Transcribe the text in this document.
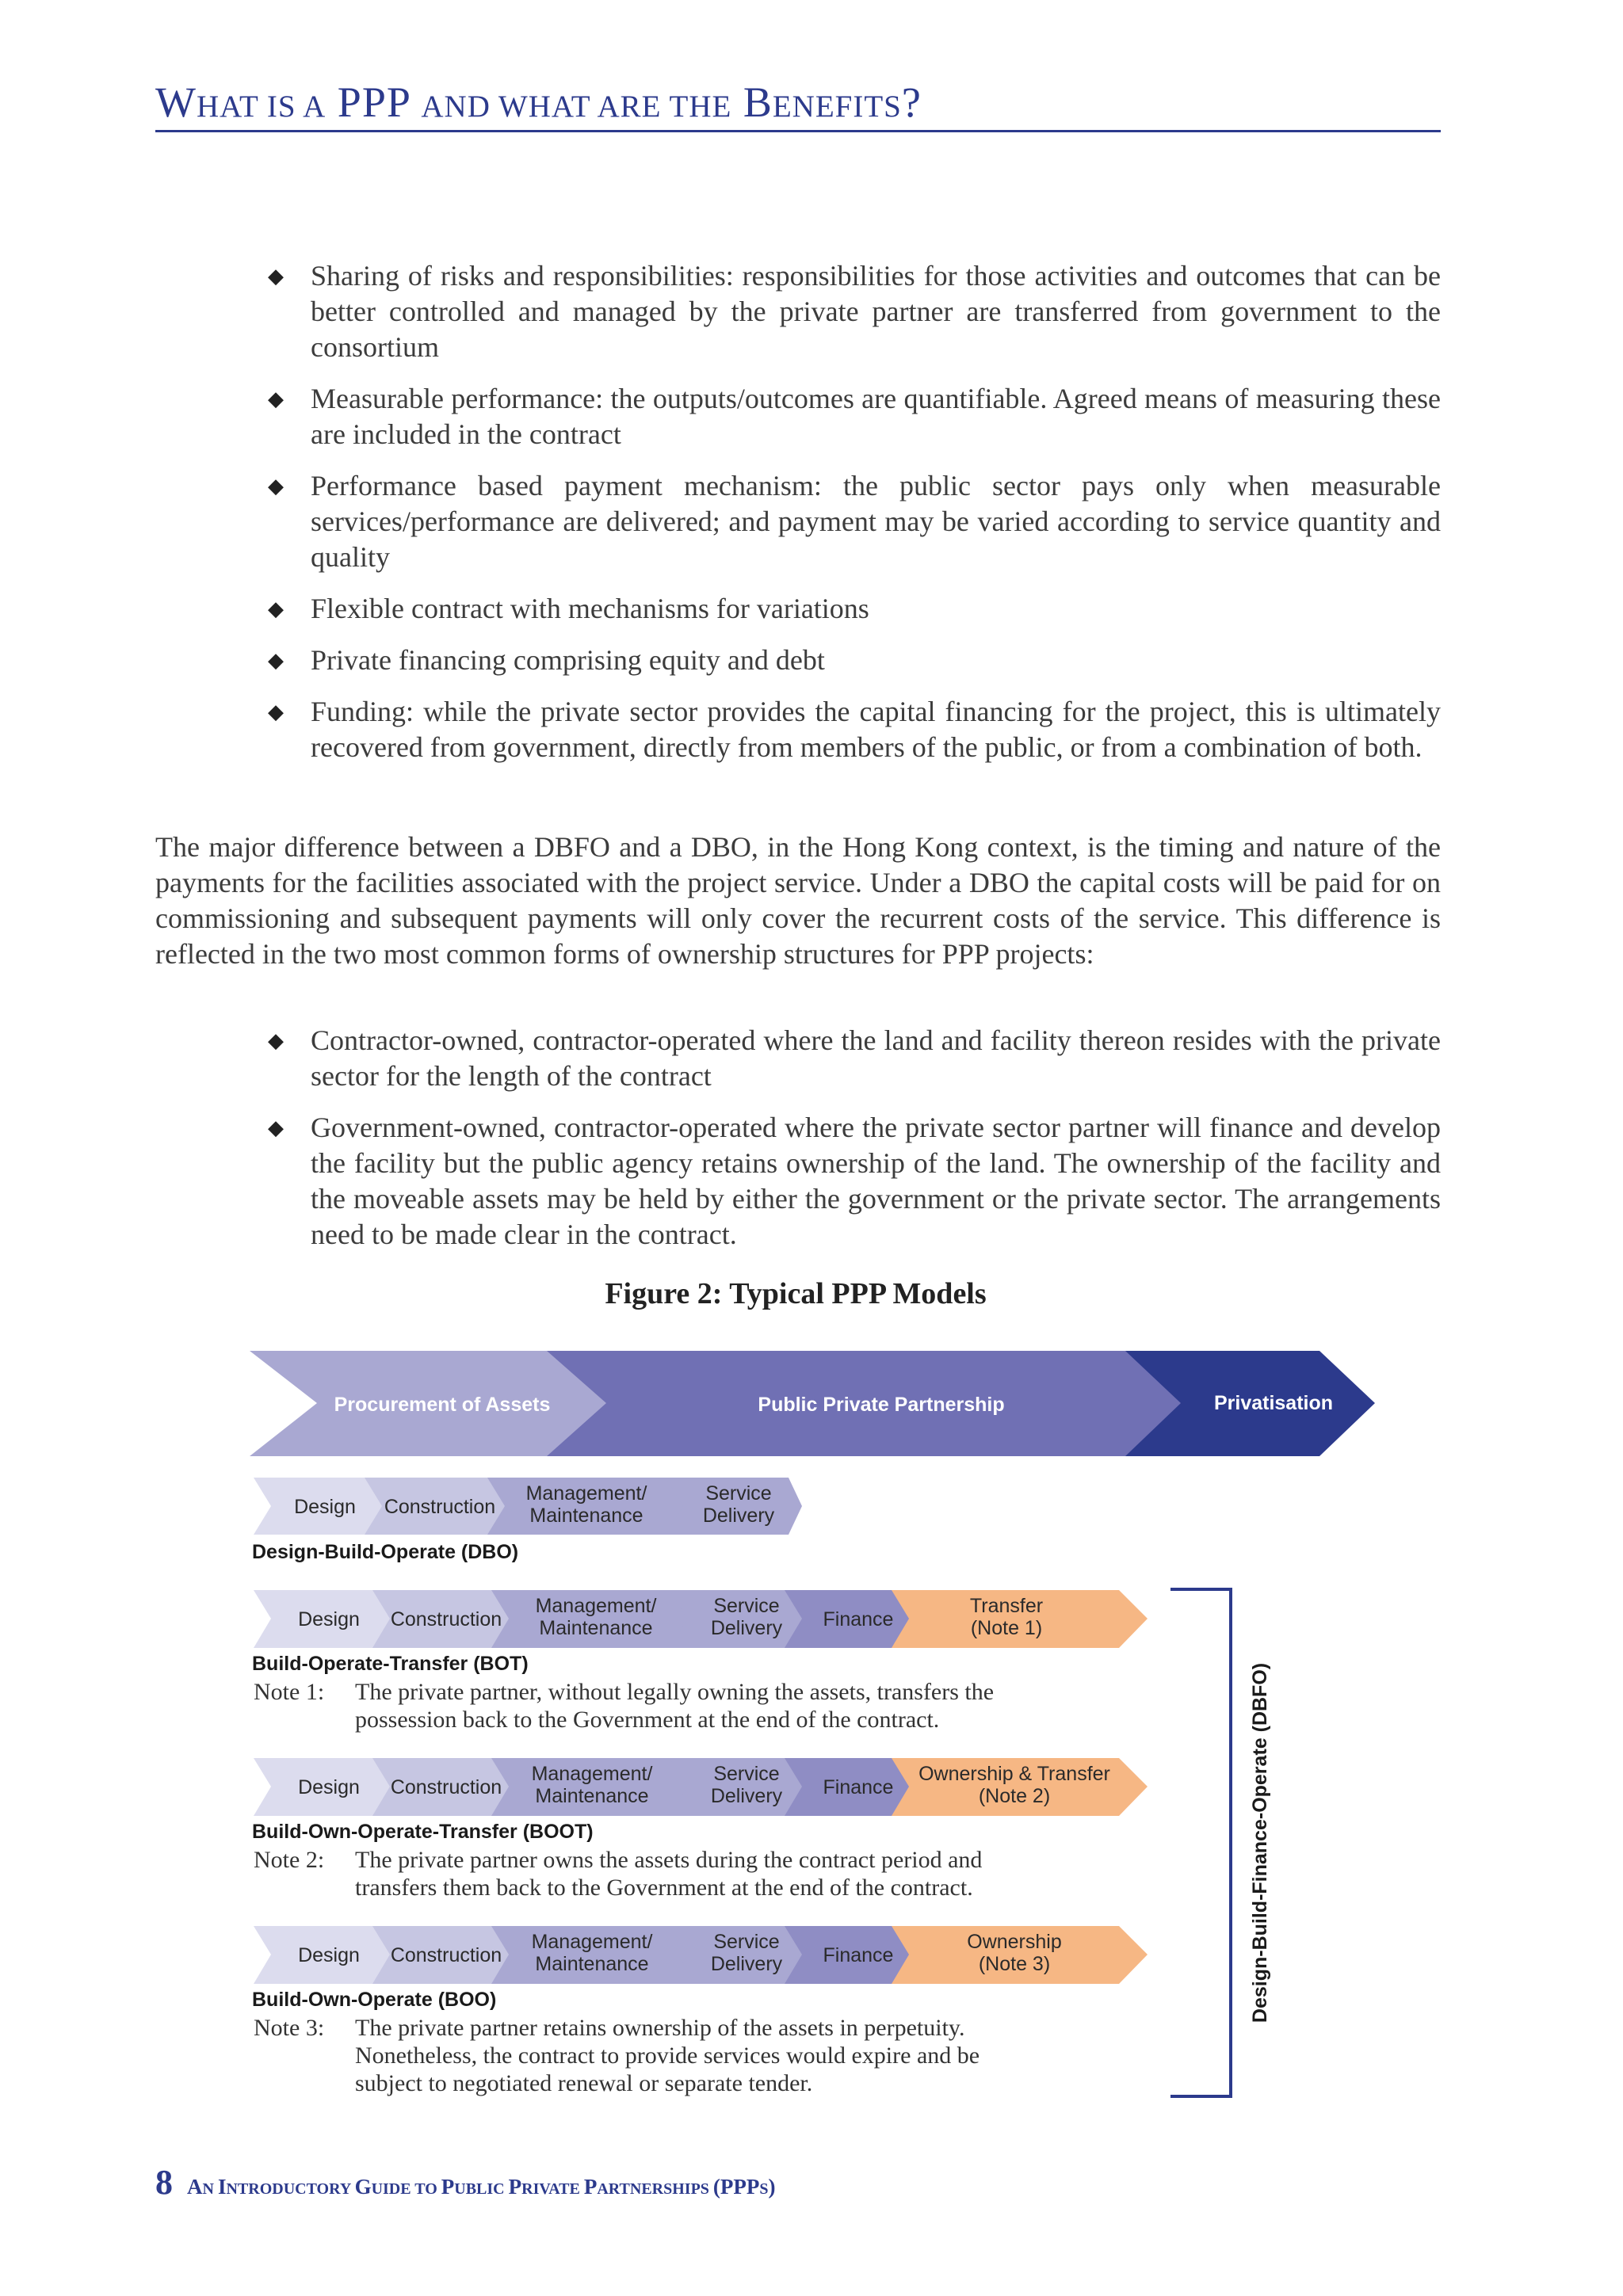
WHAT IS A PPP AND WHAT ARE THE BENEFITS?
◆ Sharing of risks and responsibilities: responsibilities for those activities and outcomes that can be better controlled and managed by the private partner are transferred from government to the consortium
◆ Measurable performance: the outputs/outcomes are quantifiable. Agreed means of measuring these are included in the contract
◆ Performance based payment mechanism: the public sector pays only when measurable services/performance are delivered; and payment may be varied according to service quantity and quality
◆ Flexible contract with mechanisms for variations
◆ Private financing comprising equity and debt
◆ Funding: while the private sector provides the capital financing for the project, this is ultimately recovered from government, directly from members of the public, or from a combination of both.

The major difference between a DBFO and a DBO, in the Hong Kong context, is the timing and nature of the payments for the facilities associated with the project service. Under a DBO the capital costs will be paid for on commissioning and subsequent payments will only cover the recurrent costs of the service. This difference is reflected in the two most common forms of ownership structures for PPP projects:

◆ Contractor-owned, contractor-operated where the land and facility thereon resides with the private sector for the length of the contract
◆ Government-owned, contractor-operated where the private sector partner will finance and develop the facility but the public agency retains ownership of the land. The ownership of the facility and the moveable assets may be held by either the government or the private sector. The arrangements need to be made clear in the contract.
Figure 2: Typical PPP Models
Procurement of Assets	Public Private Partnership	Privatisation
Design Construction
Management/
Maintenance
Service
Delivery
Design Construction
Management/
Maintenance
Service
Delivery Finance
Transfer
(Note 1)
Design Construction
Management/
Maintenance
Service
Delivery Finance
Ownership & Transfer
(Note 2)
Design Construction
Management/
Maintenance
Service
Delivery Finance
Ownership
(Note 3)	Design-Build-Finance-Operate (DBFO)
Design-Build-Operate (DBO)
Build-Operate-Transfer (BOT)
Build-Own-Operate-Transfer (BOOT)
Build-Own-Operate (BOO)
Note 1: The private partner, without legally owning the assets, transfers the
possession back to the Government at the end of the contract.
Note 2: The private partner owns the assets during the contract period and
transfers them back to the Government at the end of the contract.
Note 3: The private partner retains ownership of the assets in perpetuity.
Nonetheless, the contract to provide services would expire and be
subject to negotiated renewal or separate tender.
8 AN INTRODUCTORY GUIDE TO PUBLIC PRIVATE PARTNERSHIPS (PPPS)
